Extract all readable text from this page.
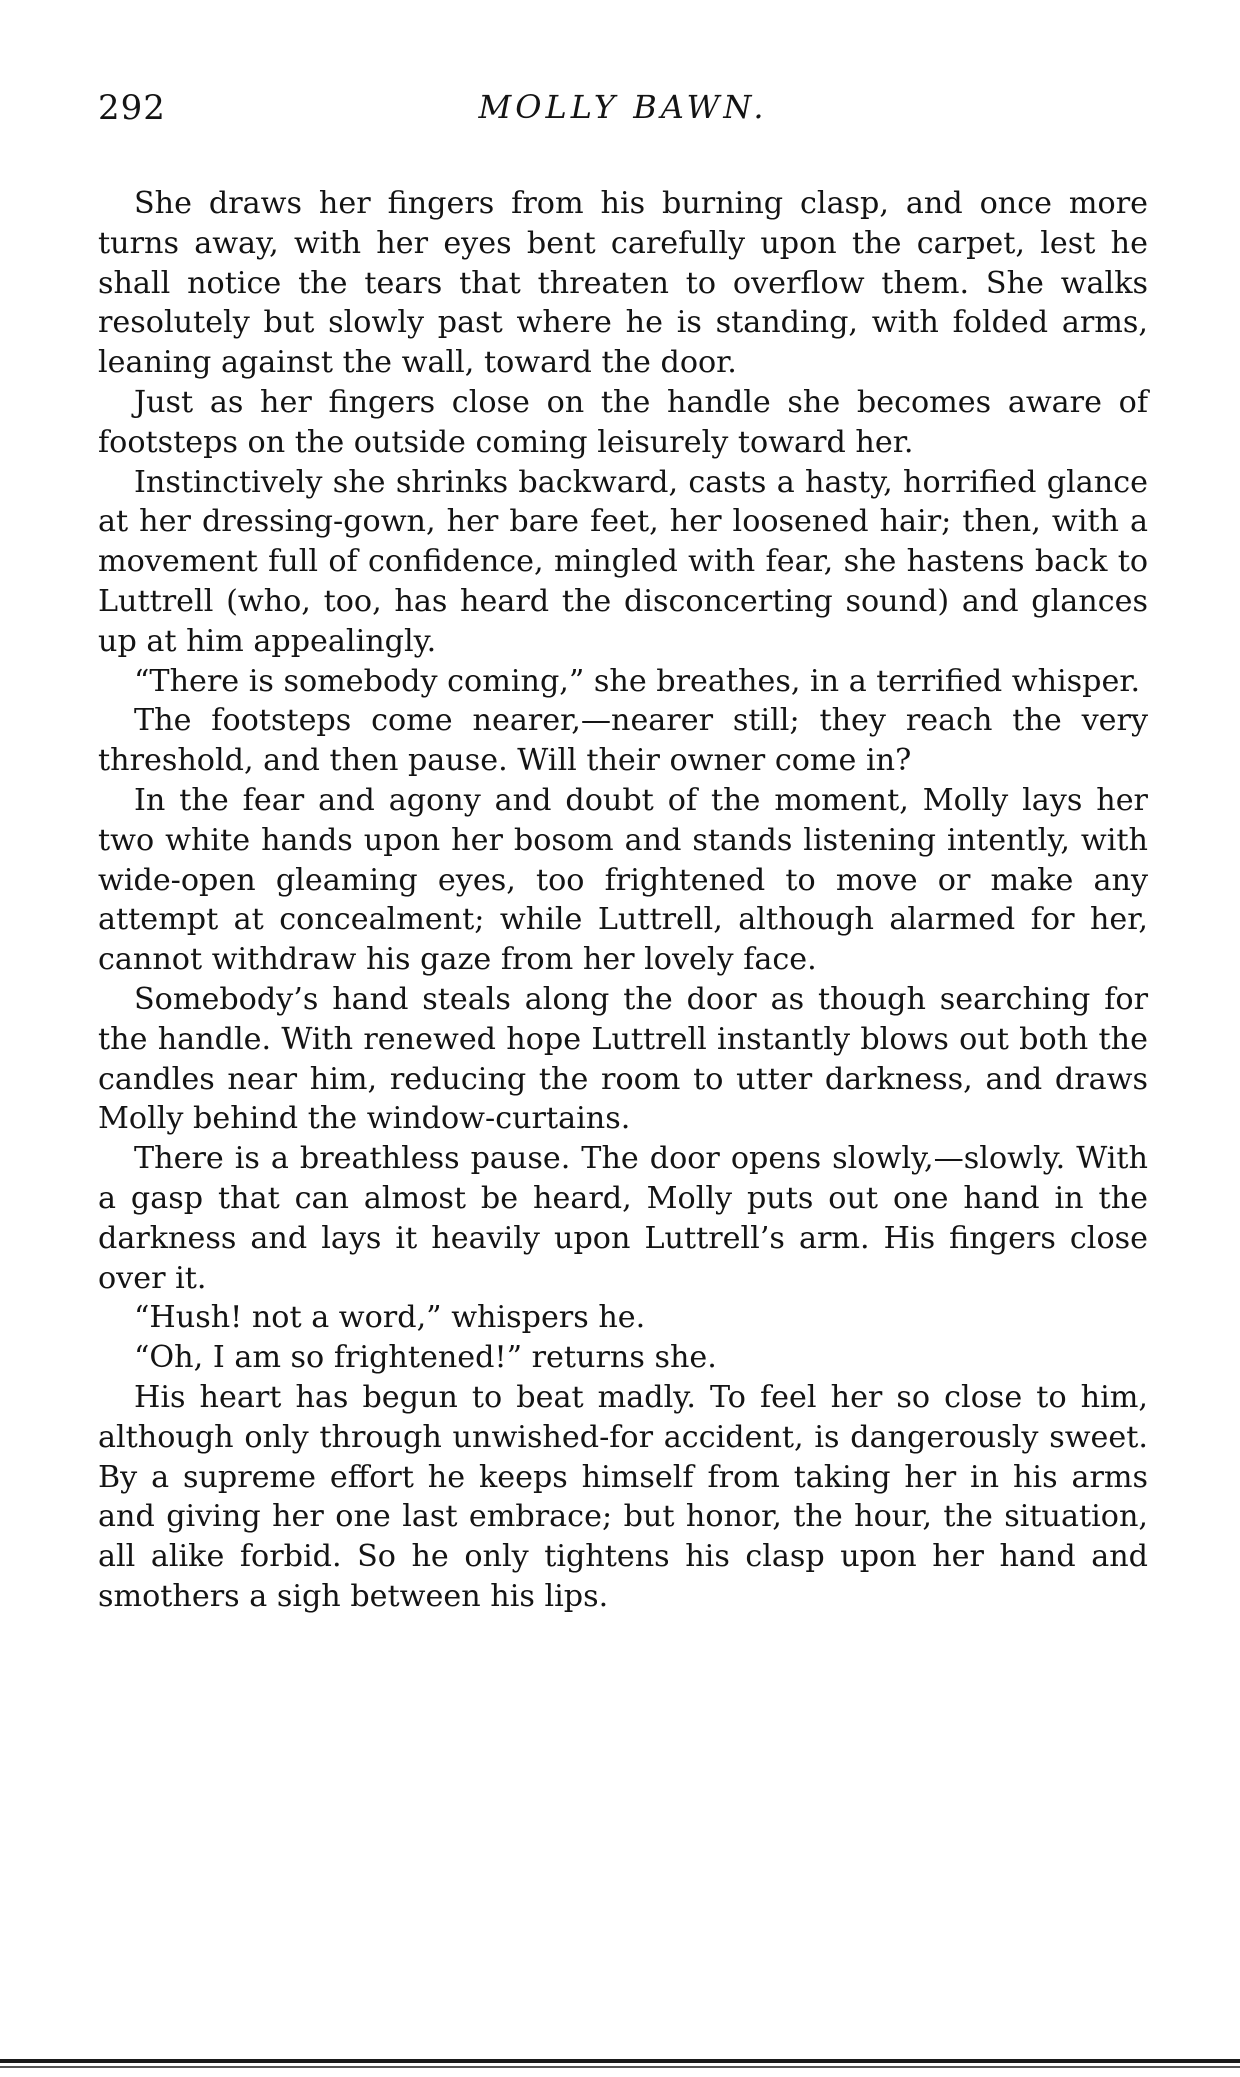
292	MOLLY BAWN.

She draws her fingers from his burning clasp, and once more turns away, with her eyes bent carefully upon the carpet, lest he shall notice the tears that threaten to overflow them. She walks resolutely but slowly past where he is standing, with folded arms, leaning against the wall, toward the door.

Just as her fingers close on the handle she becomes aware of footsteps on the outside coming leisurely toward her.

Instinctively she shrinks backward, casts a hasty, horrified glance at her dressing-gown, her bare feet, her loosened hair; then, with a movement full of confidence, mingled with fear, she hastens back to Luttrell (who, too, has heard the disconcerting sound) and glances up at him appealingly.

“There is somebody coming,” she breathes, in a terrified whisper.

The footsteps come nearer,—nearer still; they reach the very threshold, and then pause. Will their owner come in?

In the fear and agony and doubt of the moment, Molly lays her two white hands upon her bosom and stands listening intently, with wide-open gleaming eyes, too frightened to move or make any attempt at concealment; while Luttrell, although alarmed for her, cannot withdraw his gaze from her lovely face.

Somebody’s hand steals along the door as though searching for the handle. With renewed hope Luttrell instantly blows out both the candles near him, reducing the room to utter darkness, and draws Molly behind the window-curtains.

There is a breathless pause. The door opens slowly,—slowly. With a gasp that can almost be heard, Molly puts out one hand in the darkness and lays it heavily upon Luttrell’s arm. His fingers close over it.

“Hush! not a word,” whispers he.

“Oh, I am so frightened!” returns she.

His heart has begun to beat madly. To feel her so close to him, although only through unwished-for accident, is dangerously sweet. By a supreme effort he keeps himself from taking her in his arms and giving her one last embrace; but honor, the hour, the situation, all alike forbid. So he only tightens his clasp upon her hand and smothers a sigh between his lips.
